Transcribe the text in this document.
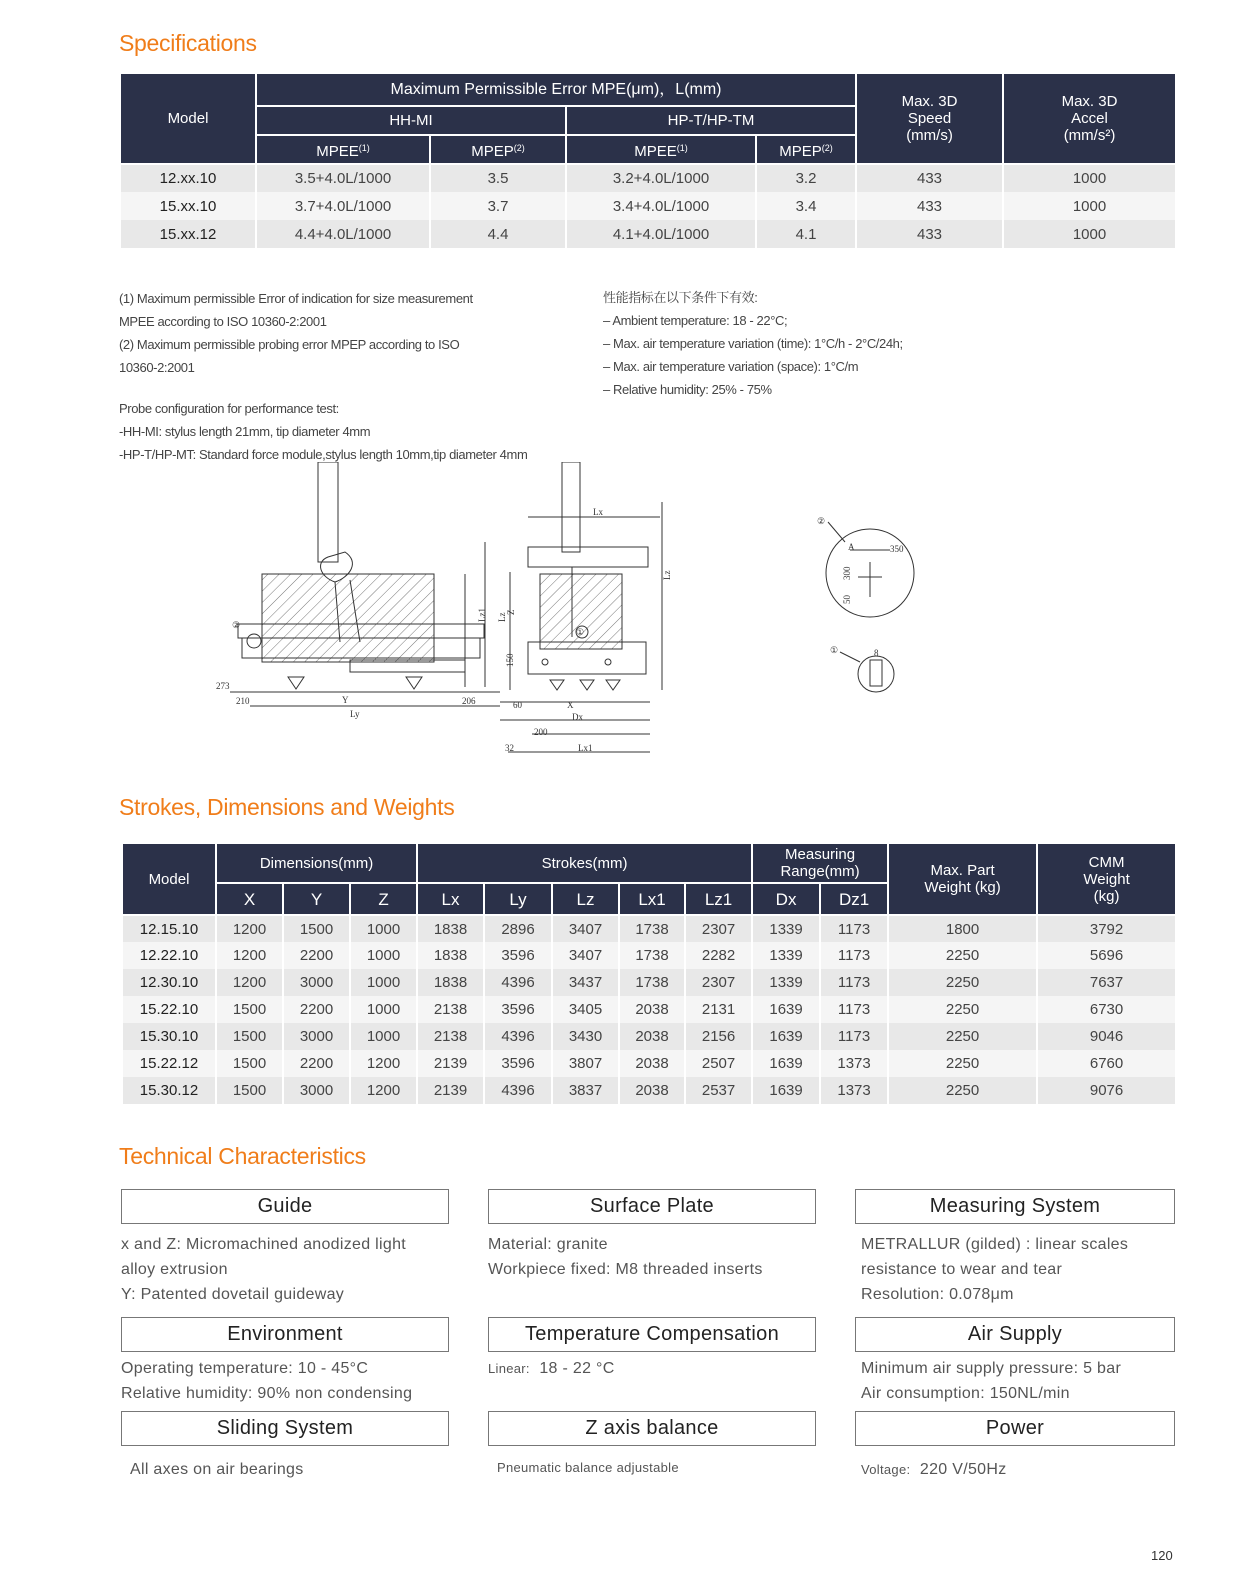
Specifications
Model	Maximum Permissible Error MPE(μm)，L(mm)				Max. 3D Speed (mm/s)	Max. 3D Accel (mm/s²)

	HH-MI		HP-T/HP-TM			
	MPEE$^{(1)}$	MPEP$^{(2)}$	MPEE$^{(1)}$	MPEP$^{(2)}$
12.xx.10	3.5+4.0L/1000	3.5	3.2+4.0L/1000	3.2	433	1000
15.xx.10	3.7+4.0L/1000	3.7	3.4+4.0L/1000	3.4	433	1000
15.xx.12	4.4+4.0L/1000	4.4	4.1+4.0L/1000	4.1	433	1000
(1) Maximum permissible Error of indication for size measurement
MPEE according to ISO 10360-2:2001
(2) Maximum permissible probing error MPEP according to ISO
10360-2:2001
Probe configuration for performance test:
-HH-MI: stylus length 21mm, tip diameter 4mm
-HP-T/HP-MT: Standard force module,stylus length 10mm,tip diameter 4mm
性能指标在以下条件下有效:
– Ambient temperature: 18 - 22°C;
– Max. air temperature variation (time): 1°C/h - 2°C/24h;
– Max. air temperature variation (space): 1°C/m
– Relative humidity: 25% - 75%
273
210	Y
Ly
206
Lz1 Lz
Z
150
Lx
Lz
60	X
Dx
200
32	Lx1
②
①
②
A	350
300
50
①	8
Strokes, Dimensions and Weights
Model	Dimensions(mm)			Strokes(mm)					Measuring Range(mm)		Max. Part Weight (kg)	CMM Weight (kg)

	X	Y	Z	Lx	Ly	Lz	Lx1	Lz1	Dx	Dz1		
12.15.10	1200	1500	1000	1838	2896	3407	1738	2307	1339	1173	1800	3792
12.22.10	1200	2200	1000	1838	3596	3407	1738	2282	1339	1173	2250	5696
12.30.10	1200	3000	1000	1838	4396	3437	1738	2307	1339	1173	2250	7637
15.22.10	1500	2200	1000	2138	3596	3405	2038	2131	1639	1173	2250	6730
15.30.10	1500	3000	1000	2138	4396	3430	2038	2156	1639	1173	2250	9046
15.22.12	1500	2200	1200	2139	3596	3807	2038	2507	1639	1373	2250	6760
15.30.12	1500	3000	1200	2139	4396	3837	2038	2537	1639	1373	2250	9076
Technical Characteristics
Guide
x and Z: Micromachined anodized light
alloy extrusion
Y: Patented dovetail guideway
Surface Plate
Material: granite
Workpiece fixed: M8 threaded inserts
Measuring System
METRALLUR (gilded) : linear scales
resistance to wear and tear
Resolution: 0.078μm
Environment
Operating temperature: 10 - 45°C
Relative humidity: 90% non condensing
Temperature Compensation
Linear: 18 - 22 °C
Air Supply
Minimum air supply pressure: 5 bar
Air consumption: 150NL/min
Sliding System
All axes on air bearings
Z axis balance
Pneumatic balance adjustable
Power
Voltage: 220 V/50Hz
120
